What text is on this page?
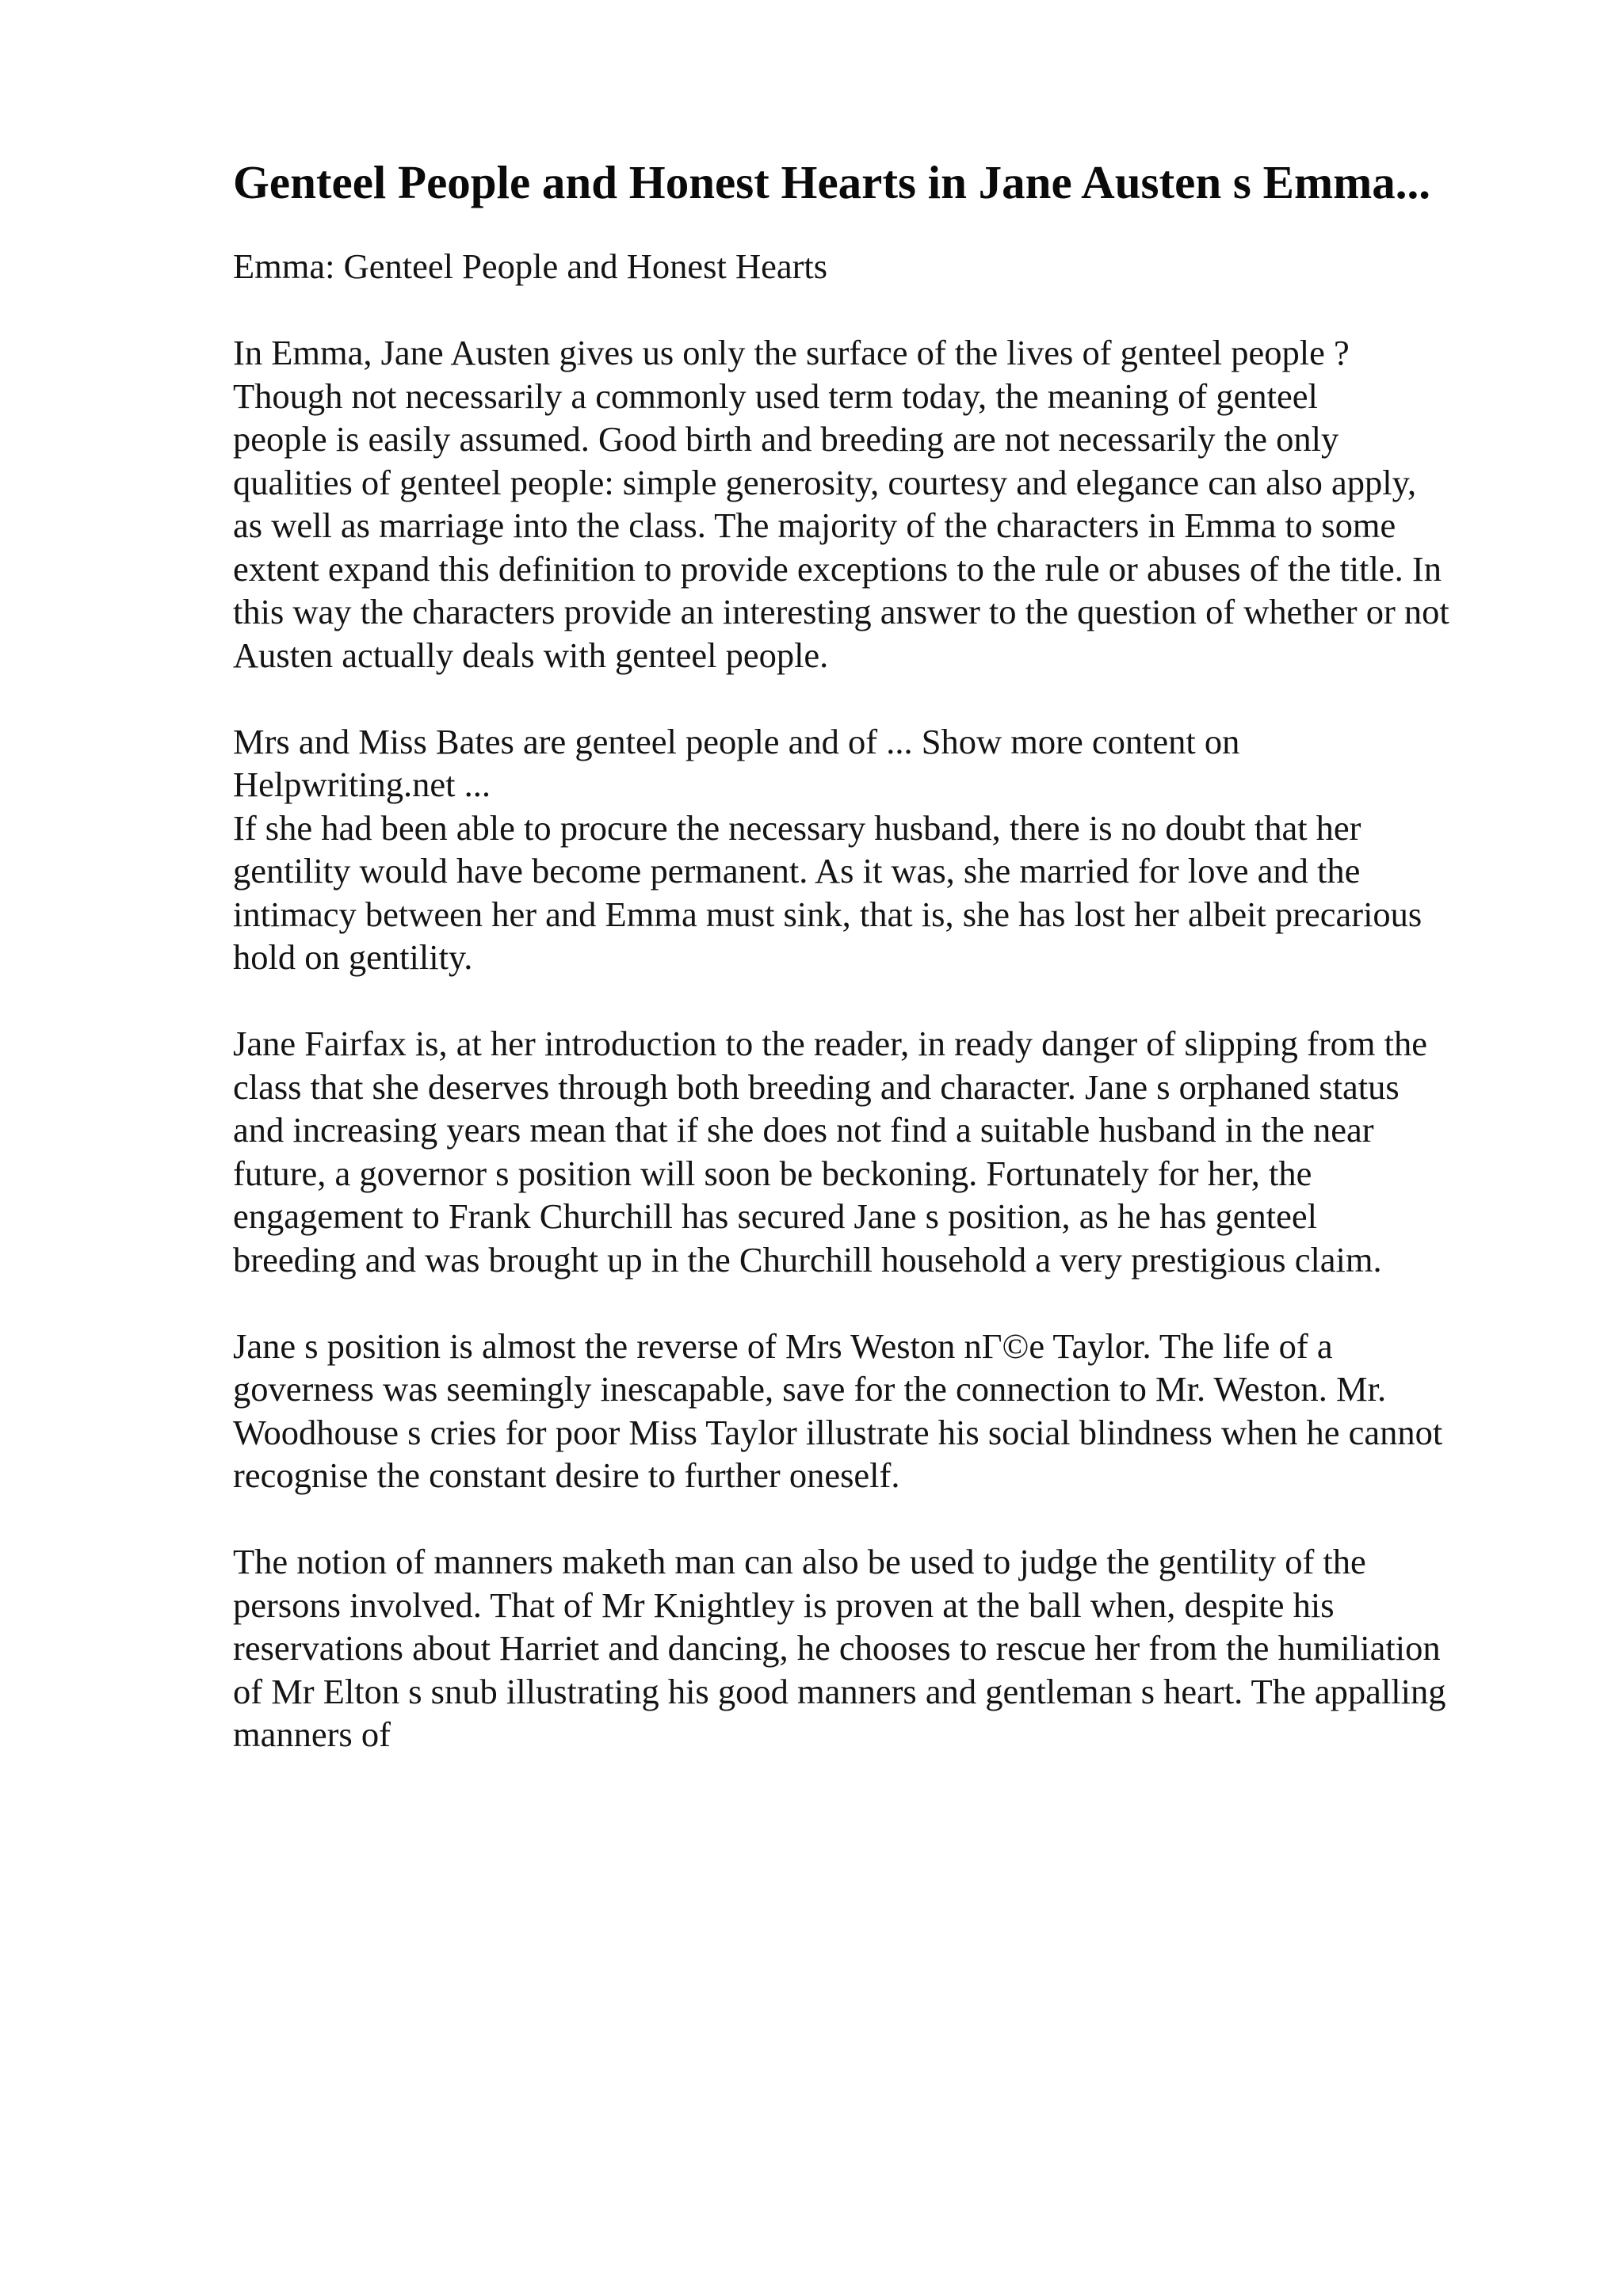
Genteel People and Honest Hearts in Jane Austen s Emma...

Emma: Genteel People and Honest Hearts

In Emma, Jane Austen gives us only the surface of the lives of genteel people ?
Though not necessarily a commonly used term today, the meaning of genteel
people is easily assumed. Good birth and breeding are not necessarily the only
qualities of genteel people: simple generosity, courtesy and elegance can also apply,
as well as marriage into the class. The majority of the characters in Emma to some
extent expand this definition to provide exceptions to the rule or abuses of the title. In
this way the characters provide an interesting answer to the question of whether or not
Austen actually deals with genteel people.

Mrs and Miss Bates are genteel people and of ... Show more content on
Helpwriting.net ...

If she had been able to procure the necessary husband, there is no doubt that her
gentility would have become permanent. As it was, she married for love and the
intimacy between her and Emma must sink, that is, she has lost her albeit precarious
hold on gentility.

Jane Fairfax is, at her introduction to the reader, in ready danger of slipping from the
class that she deserves through both breeding and character. Jane s orphaned status
and increasing years mean that if she does not find a suitable husband in the near
future, a governor s position will soon be beckoning. Fortunately for her, the
engagement to Frank Churchill has secured Jane s position, as he has genteel
breeding and was brought up in the Churchill household a very prestigious claim.

Jane s position is almost the reverse of Mrs Weston nΓ©e Taylor. The life of a
governess was seemingly inescapable, save for the connection to Mr. Weston. Mr.
Woodhouse s cries for poor Miss Taylor illustrate his social blindness when he cannot
recognise the constant desire to further oneself.

The notion of manners maketh man can also be used to judge the gentility of the
persons involved. That of Mr Knightley is proven at the ball when, despite his
reservations about Harriet and dancing, he chooses to rescue her from the humiliation
of Mr Elton s snub illustrating his good manners and gentleman s heart. The appalling
manners of
